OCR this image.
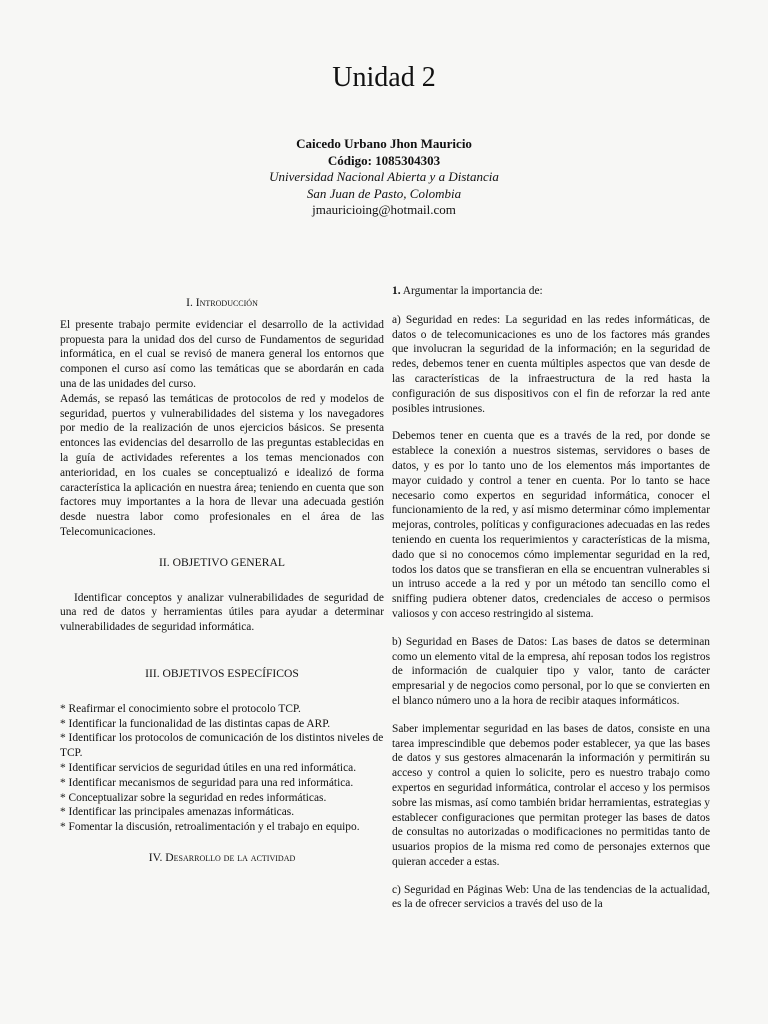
Unidad 2
Caicedo Urbano Jhon Mauricio
Código: 1085304303
Universidad Nacional Abierta y a Distancia
San Juan de Pasto, Colombia
jmauricioing@hotmail.com

I. Introducción

El presente trabajo permite evidenciar el desarrollo de la actividad propuesta para la unidad dos del curso de Fundamentos de seguridad informática, en el cual se revisó de manera general los entornos que componen el curso así como las temáticas que se abordarán en cada una de las unidades del curso.

Además, se repasó las temáticas de protocolos de red y modelos de seguridad, puertos y vulnerabilidades del sistema y los navegadores por medio de la realización de unos ejercicios básicos. Se presenta entonces las evidencias del desarrollo de las preguntas establecidas en la guía de actividades referentes a los temas mencionados con anterioridad, en los cuales se conceptualizó e idealizó de forma característica la aplicación en nuestra área; teniendo en cuenta que son factores muy importantes a la hora de llevar una adecuada gestión desde nuestra labor como profesionales en el área de las Telecomunicaciones.

II. OBJETIVO GENERAL

Identificar conceptos y analizar vulnerabilidades de seguridad de una red de datos y herramientas útiles para ayudar a determinar vulnerabilidades de seguridad informática.

III. OBJETIVOS ESPECÍFICOS

* Reafirmar el conocimiento sobre el protocolo TCP.

* Identificar la funcionalidad de las distintas capas de ARP.

* Identificar los protocolos de comunicación de los distintos niveles de TCP.

* Identificar servicios de seguridad útiles en una red informática.

* Identificar mecanismos de seguridad para una red informática.

* Conceptualizar sobre la seguridad en redes informáticas.

* Identificar las principales amenazas informáticas.

* Fomentar la discusión, retroalimentación y el trabajo en equipo.

IV. Desarrollo de la actividad

1. Argumentar la importancia de:

a) Seguridad en redes: La seguridad en las redes informáticas, de datos o de telecomunicaciones es uno de los factores más grandes que involucran la seguridad de la información; en la seguridad de redes, debemos tener en cuenta múltiples aspectos que van desde de las características de la infraestructura de la red hasta la configuración de sus dispositivos con el fin de reforzar la red ante posibles intrusiones.

Debemos tener en cuenta que es a través de la red, por donde se establece la conexión a nuestros sistemas, servidores o bases de datos, y es por lo tanto uno de los elementos más importantes de mayor cuidado y control a tener en cuenta. Por lo tanto se hace necesario como expertos en seguridad informática, conocer el funcionamiento de la red, y así mismo determinar cómo implementar mejoras, controles, políticas y configuraciones adecuadas en las redes teniendo en cuenta los requerimientos y características de la misma, dado que si no conocemos cómo implementar seguridad en la red, todos los datos que se transfieran en ella se encuentran vulnerables si un intruso accede a la red y por un método tan sencillo como el sniffing pudiera obtener datos, credenciales de acceso o permisos valiosos y con acceso restringido al sistema.

b) Seguridad en Bases de Datos: Las bases de datos se determinan como un elemento vital de la empresa, ahí reposan todos los registros de información de cualquier tipo y valor, tanto de carácter empresarial y de negocios como personal, por lo que se convierten en el blanco número uno a la hora de recibir ataques informáticos.

Saber implementar seguridad en las bases de datos, consiste en una tarea imprescindible que debemos poder establecer, ya que las bases de datos y sus gestores almacenarán la información y permitirán su acceso y control a quien lo solicite, pero es nuestro trabajo como expertos en seguridad informática, controlar el acceso y los permisos sobre las mismas, así como también bridar herramientas, estrategias y establecer configuraciones que permitan proteger las bases de datos de consultas no autorizadas o modificaciones no permitidas tanto de usuarios propios de la misma red como de personajes externos que quieran acceder a estas.

c) Seguridad en Páginas Web: Una de las tendencias de la actualidad, es la de ofrecer servicios a través del uso de la
